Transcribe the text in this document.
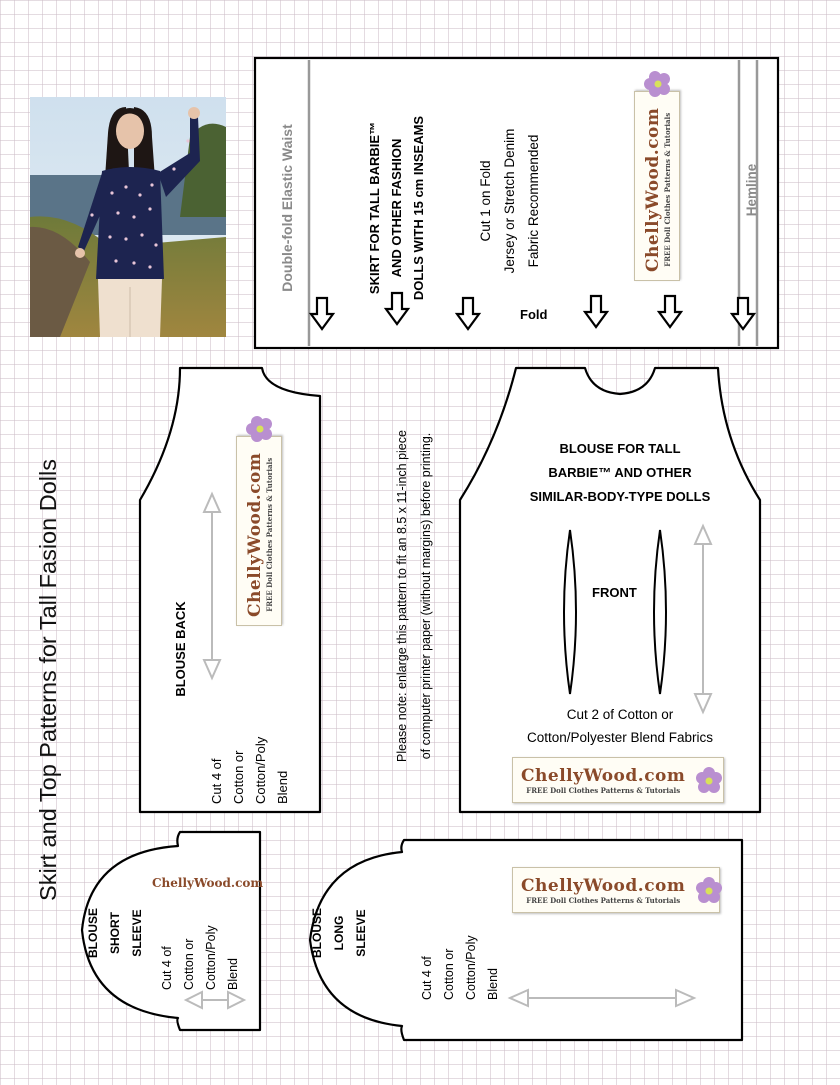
Skirt and Top Patterns for Tall Fasion Dolls
Double-fold Elastic Waist	SKIRT FOR TALL BARBIE™ AND OTHER FASHION DOLLS WITH 15 cm INSEAMS	Cut 1 on Fold Jersey or Stretch Denim Fabric Recommended
Fold
Hemline
ChellyWood.com FREE Doll Clothes Patterns & Tutorials
Please note: enlarge this pattern to fit an 8.5 x 11-inch piece of computer printer paper (without margins) before printing.
BLOUSE BACK
Cut 4 of Cotton or Cotton/Poly Blend
ChellyWood.com FREE Doll Clothes Patterns & Tutorials
BLOUSE FOR TALL
BARBIE™ AND OTHER
SIMILAR-BODY-TYPE DOLLS
FRONT
Cut 2 of Cotton or
Cotton/Polyester Blend Fabrics
ChellyWood.com
FREE Doll Clothes Patterns & Tutorials
ChellyWood.com
BLOUSE SHORT SLEEVE
Cut 4 of Cotton or Cotton/Poly Blend
BLOUSE LONG SLEEVE
Cut 4 of Cotton or Cotton/Poly Blend
ChellyWood.com
FREE Doll Clothes Patterns & Tutorials
